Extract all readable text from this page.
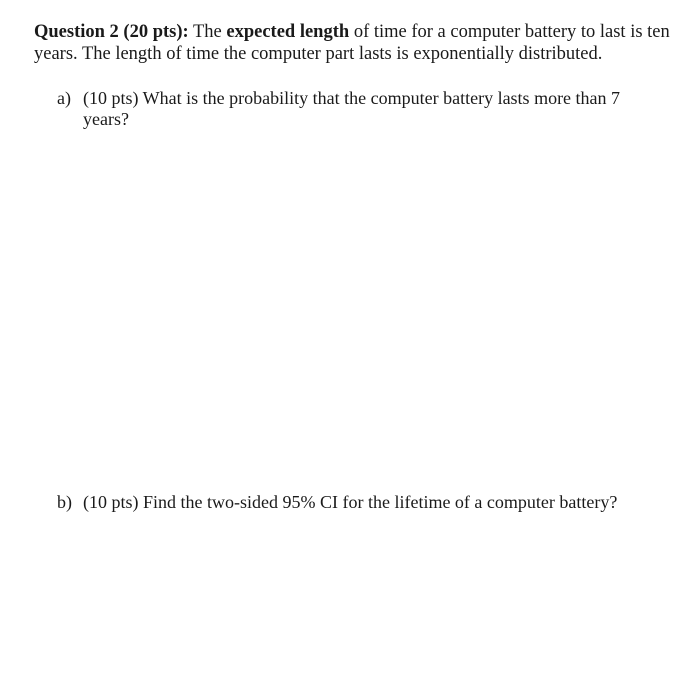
Question 2 (20 pts): The expected length of time for a computer battery to last is ten years. The length of time the computer part lasts is exponentially distributed.

a) (10 pts) What is the probability that the computer battery lasts more than 7 years?
b) (10 pts) Find the two-sided 95% CI for the lifetime of a computer battery?
